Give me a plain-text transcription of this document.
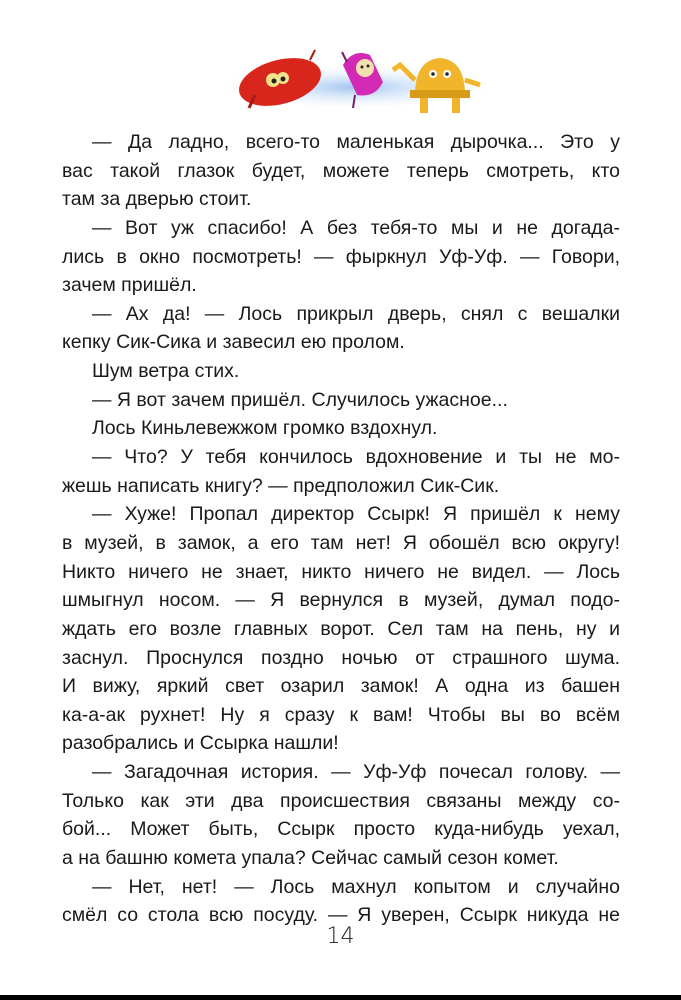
— Да ладно, всего-то маленькая дырочка... Это у
вас такой глазок будет, можете теперь смотреть, кто
там за дверью стоит.
— Вот уж спасибо! А без тебя-то мы и не догада-
лись в окно посмотреть! — фыркнул Уф-Уф. — Говори,
зачем пришёл.
— Ах да! — Лось прикрыл дверь, снял с вешалки
кепку Сик-Сика и завесил ею пролом.
Шум ветра стих.
— Я вот зачем пришёл. Случилось ужасное...
Лось Киньлевежжом громко вздохнул.
— Что? У тебя кончилось вдохновение и ты не мо-
жешь написать книгу? — предположил Сик-Сик.
— Хуже! Пропал директор Ссырк! Я пришёл к нему
в музей, в замок, а его там нет! Я обошёл всю округу!
Никто ничего не знает, никто ничего не видел. — Лось
шмыгнул носом. — Я вернулся в музей, думал подо-
ждать его возле главных ворот. Сел там на пень, ну и
заснул. Проснулся поздно ночью от страшного шума.
И вижу, яркий свет озарил замок! А одна из башен
ка-а-ак рухнет! Ну я сразу к вам! Чтобы вы во всём
разобрались и Ссырка нашли!
— Загадочная история. — Уф-Уф почесал голову. —
Только как эти два происшествия связаны между со-
бой... Может быть, Ссырк просто куда-нибудь уехал,
а на башню комета упала? Сейчас самый сезон комет.
— Нет, нет! — Лось махнул копытом и случайно
смёл со стола всю посуду. — Я уверен, Ссырк никуда не
14
